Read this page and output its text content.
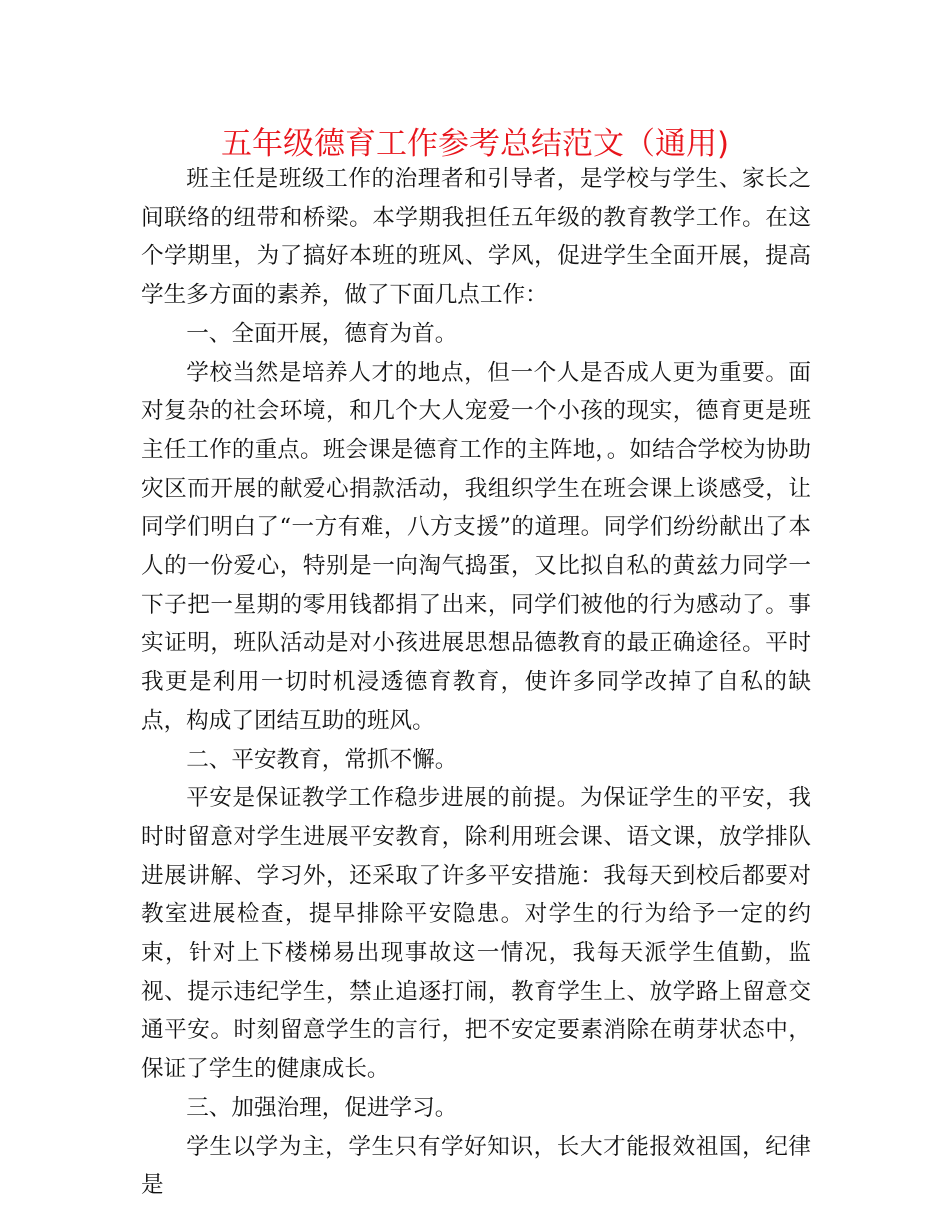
五年级德育工作参考总结范文（通用)

班主任是班级工作的治理者和引导者，是学校与学生、家长之间联络的纽带和桥梁。本学期我担任五年级的教育教学工作。在这个学期里，为了搞好本班的班风、学风，促进学生全面开展，提高学生多方面的素养，做了下面几点工作：

一、全面开展，德育为首。

学校当然是培养人才的地点，但一个人是否成人更为重要。面对复杂的社会环境，和几个大人宠爱一个小孩的现实，德育更是班主任工作的重点。班会课是德育工作的主阵地，。如结合学校为协助灾区而开展的献爱心捐款活动，我组织学生在班会课上谈感受，让同学们明白了“一方有难，八方支援”的道理。同学们纷纷献出了本人的一份爱心，特别是一向淘气捣蛋，又比拟自私的黄兹力同学一下子把一星期的零用钱都捐了出来，同学们被他的行为感动了。事实证明，班队活动是对小孩进展思想品德教育的最正确途径。平时我更是利用一切时机浸透德育教育，使许多同学改掉了自私的缺点，构成了团结互助的班风。

二、平安教育，常抓不懈。

平安是保证教学工作稳步进展的前提。为保证学生的平安，我时时留意对学生进展平安教育，除利用班会课、语文课，放学排队进展讲解、学习外，还采取了许多平安措施：我每天到校后都要对教室进展检查，提早排除平安隐患。对学生的行为给予一定的约束，针对上下楼梯易出现事故这一情况，我每天派学生值勤，监视、提示违纪学生，禁止追逐打闹，教育学生上、放学路上留意交通平安。时刻留意学生的言行，把不安定要素消除在萌芽状态中，保证了学生的健康成长。

三、加强治理，促进学习。

学生以学为主，学生只有学好知识，长大才能报效祖国，纪律是
